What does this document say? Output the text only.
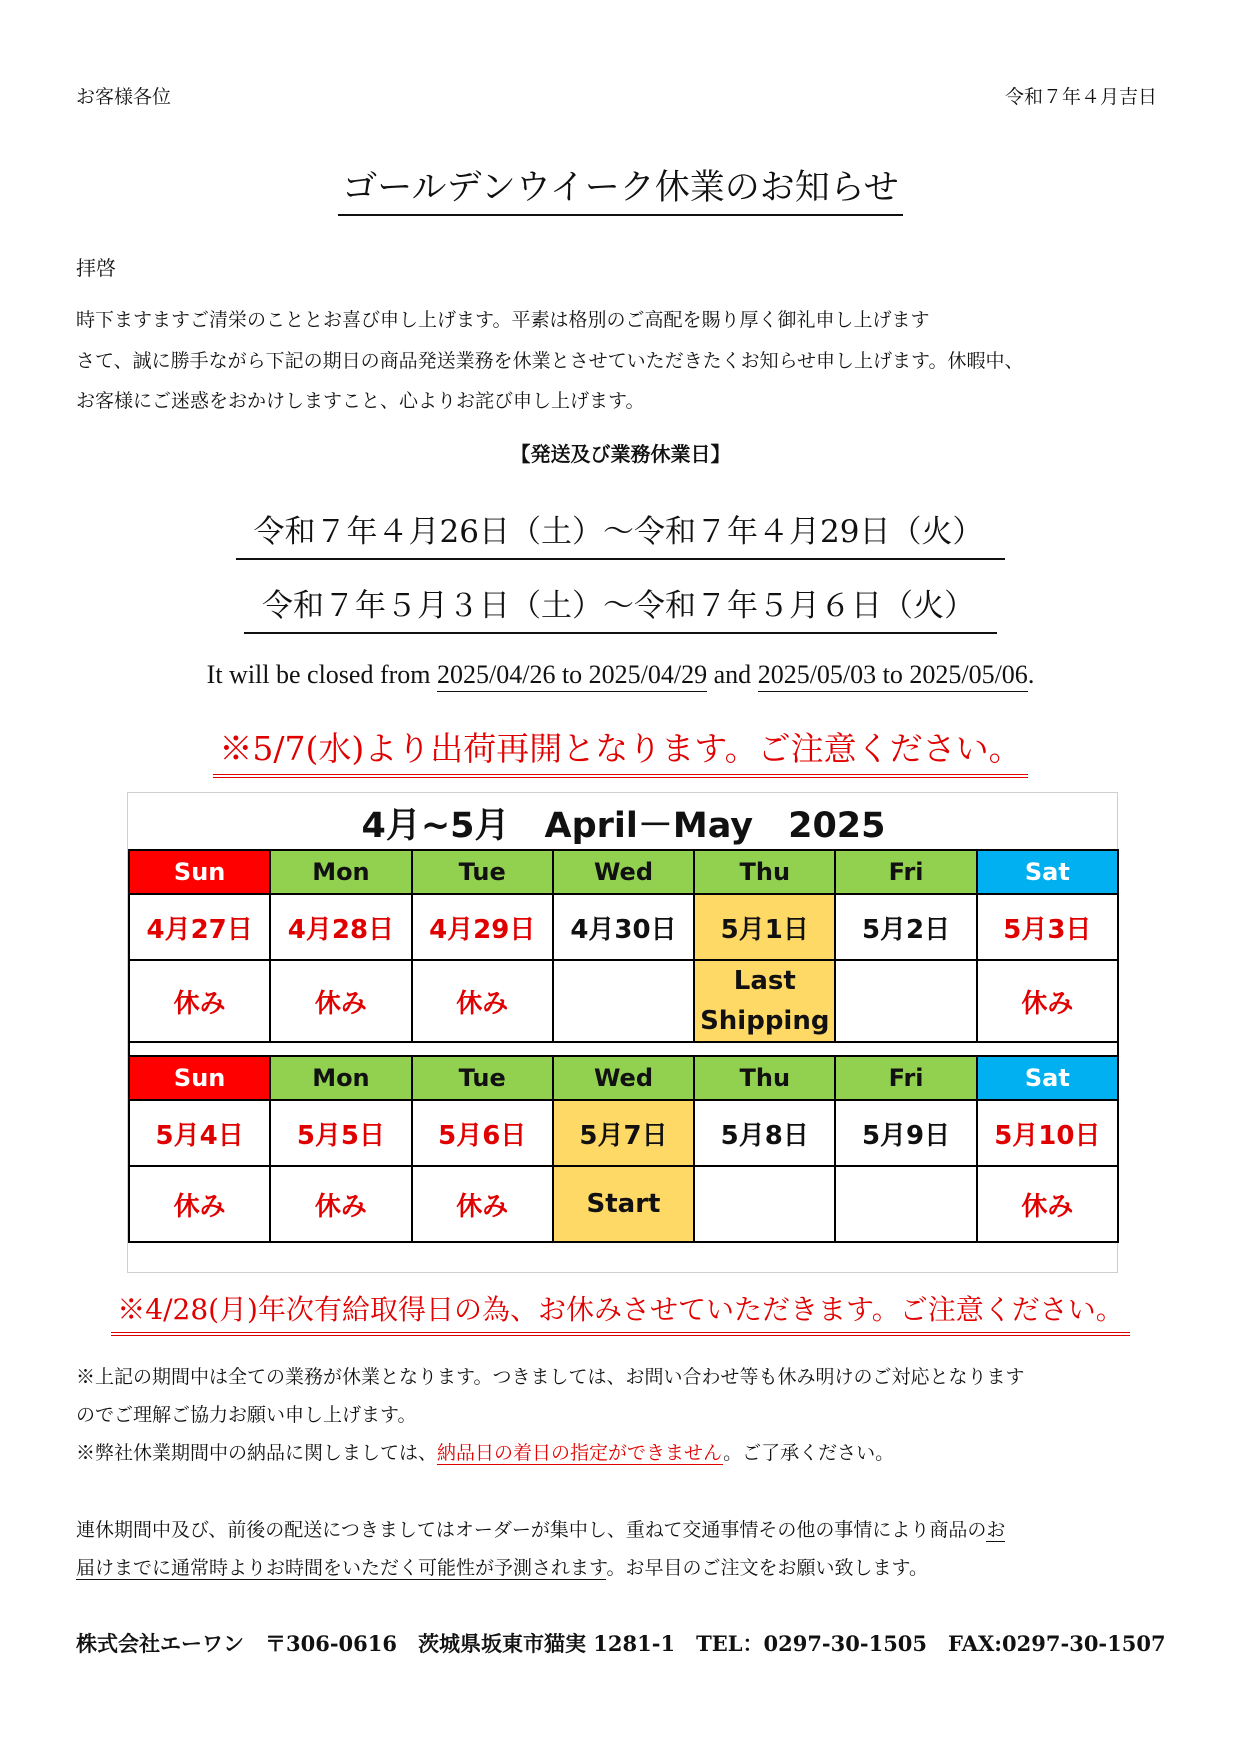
お客様各位	令和７年４月吉日
ゴールデンウイーク休業のお知らせ
拝啓
時下ますますご清栄のこととお喜び申し上げます。平素は格別のご高配を賜り厚く御礼申し上げます
さて、誠に勝手ながら下記の期日の商品発送業務を休業とさせていただきたくお知らせ申し上げます。休暇中、
お客様にご迷惑をおかけしますこと、心よりお詫び申し上げます。
【発送及び業務休業日】
令和７年４月26日（土）～令和７年４月29日（火）
令和７年５月３日（土）～令和７年５月６日（火）
It will be closed from 2025/04/26 to 2025/04/29 and 2025/05/03 to 2025/05/06.
※5/7(水)より出荷再開となります。ご注意ください。
4月~5月　April－May　2025
Sun	Mon	Tue	Wed	Thu	Fri	Sat
4月27日	4月28日	4月29日	4月30日	5月1日	5月2日	5月3日
休み	休み	休み		Last Shipping		休み
Sun	Mon	Tue	Wed	Thu	Fri	Sat
5月4日	5月5日	5月6日	5月7日	5月8日	5月9日	5月10日
休み	休み	休み	Start			休み
※4/28(月)年次有給取得日の為、お休みさせていただきます。ご注意ください。
※上記の期間中は全ての業務が休業となります。つきましては、お問い合わせ等も休み明けのご対応となります
のでご理解ご協力お願い申し上げます。
※弊社休業期間中の納品に関しましては、納品日の着日の指定ができません。ご了承ください。
連休期間中及び、前後の配送につきましてはオーダーが集中し、重ねて交通事情その他の事情により商品のお
届けまでに通常時よりお時間をいただく可能性が予測されます。お早目のご注文をお願い致します。
株式会社エーワン　〒306-0616　茨城県坂東市猫実 1281-1　TEL：0297-30-1505　FAX:0297-30-1507
